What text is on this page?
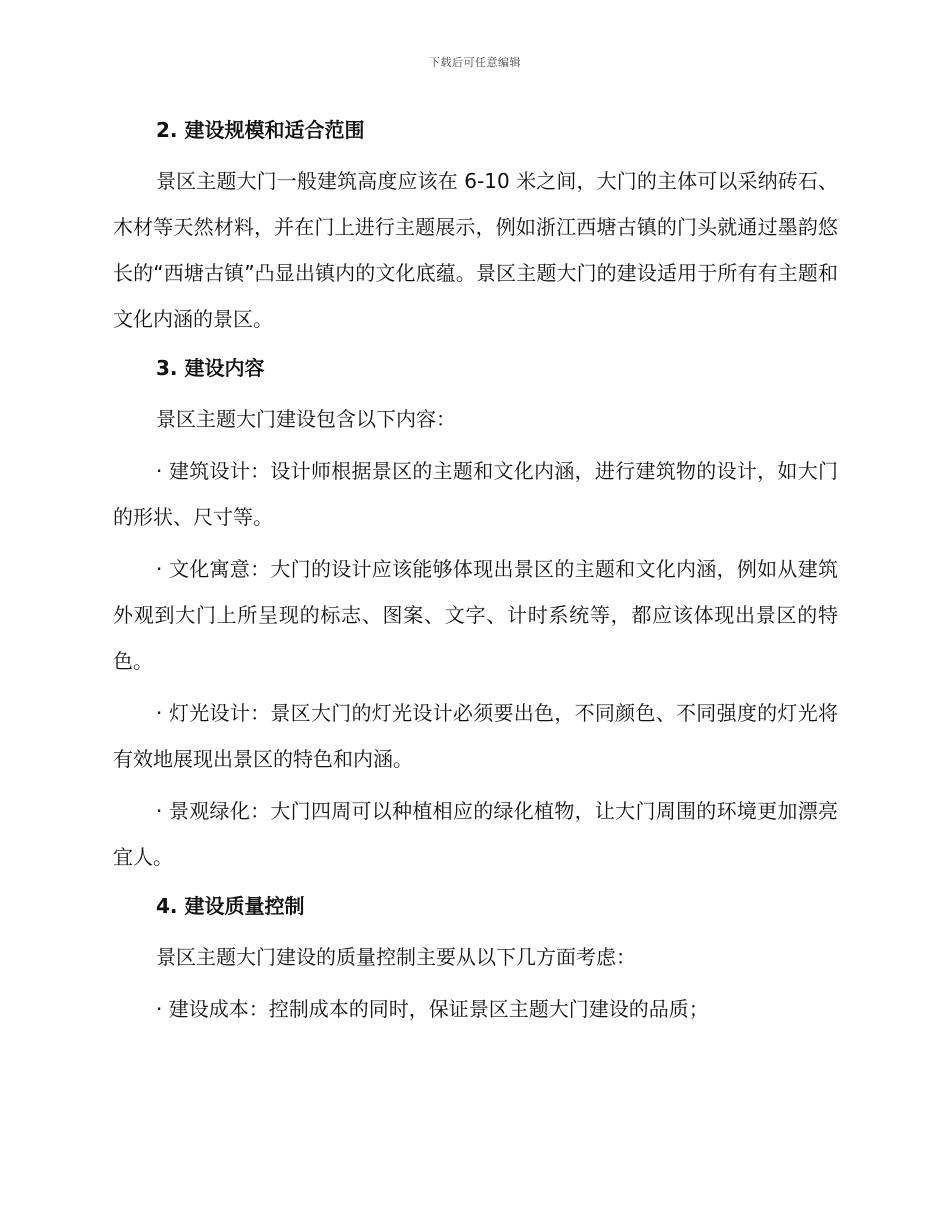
下载后可任意编辑
2. 建设规模和适合范围

景区主题大门一般建筑高度应该在 6-10 米之间，大门的主体可以采纳砖石、木材等天然材料，并在门上进行主题展示，例如浙江西塘古镇的门头就通过墨韵悠长的“西塘古镇”凸显出镇内的文化底蕴。景区主题大门的建设适用于所有有主题和文化内涵的景区。

3. 建设内容

景区主题大门建设包含以下内容：

· 建筑设计：设计师根据景区的主题和文化内涵，进行建筑物的设计，如大门的形状、尺寸等。

· 文化寓意：大门的设计应该能够体现出景区的主题和文化内涵，例如从建筑外观到大门上所呈现的标志、图案、文字、计时系统等，都应该体现出景区的特色。

· 灯光设计：景区大门的灯光设计必须要出色，不同颜色、不同强度的灯光将有效地展现出景区的特色和内涵。

· 景观绿化：大门四周可以种植相应的绿化植物，让大门周围的环境更加漂亮宜人。

4. 建设质量控制

景区主题大门建设的质量控制主要从以下几方面考虑：

· 建设成本：控制成本的同时，保证景区主题大门建设的品质；
